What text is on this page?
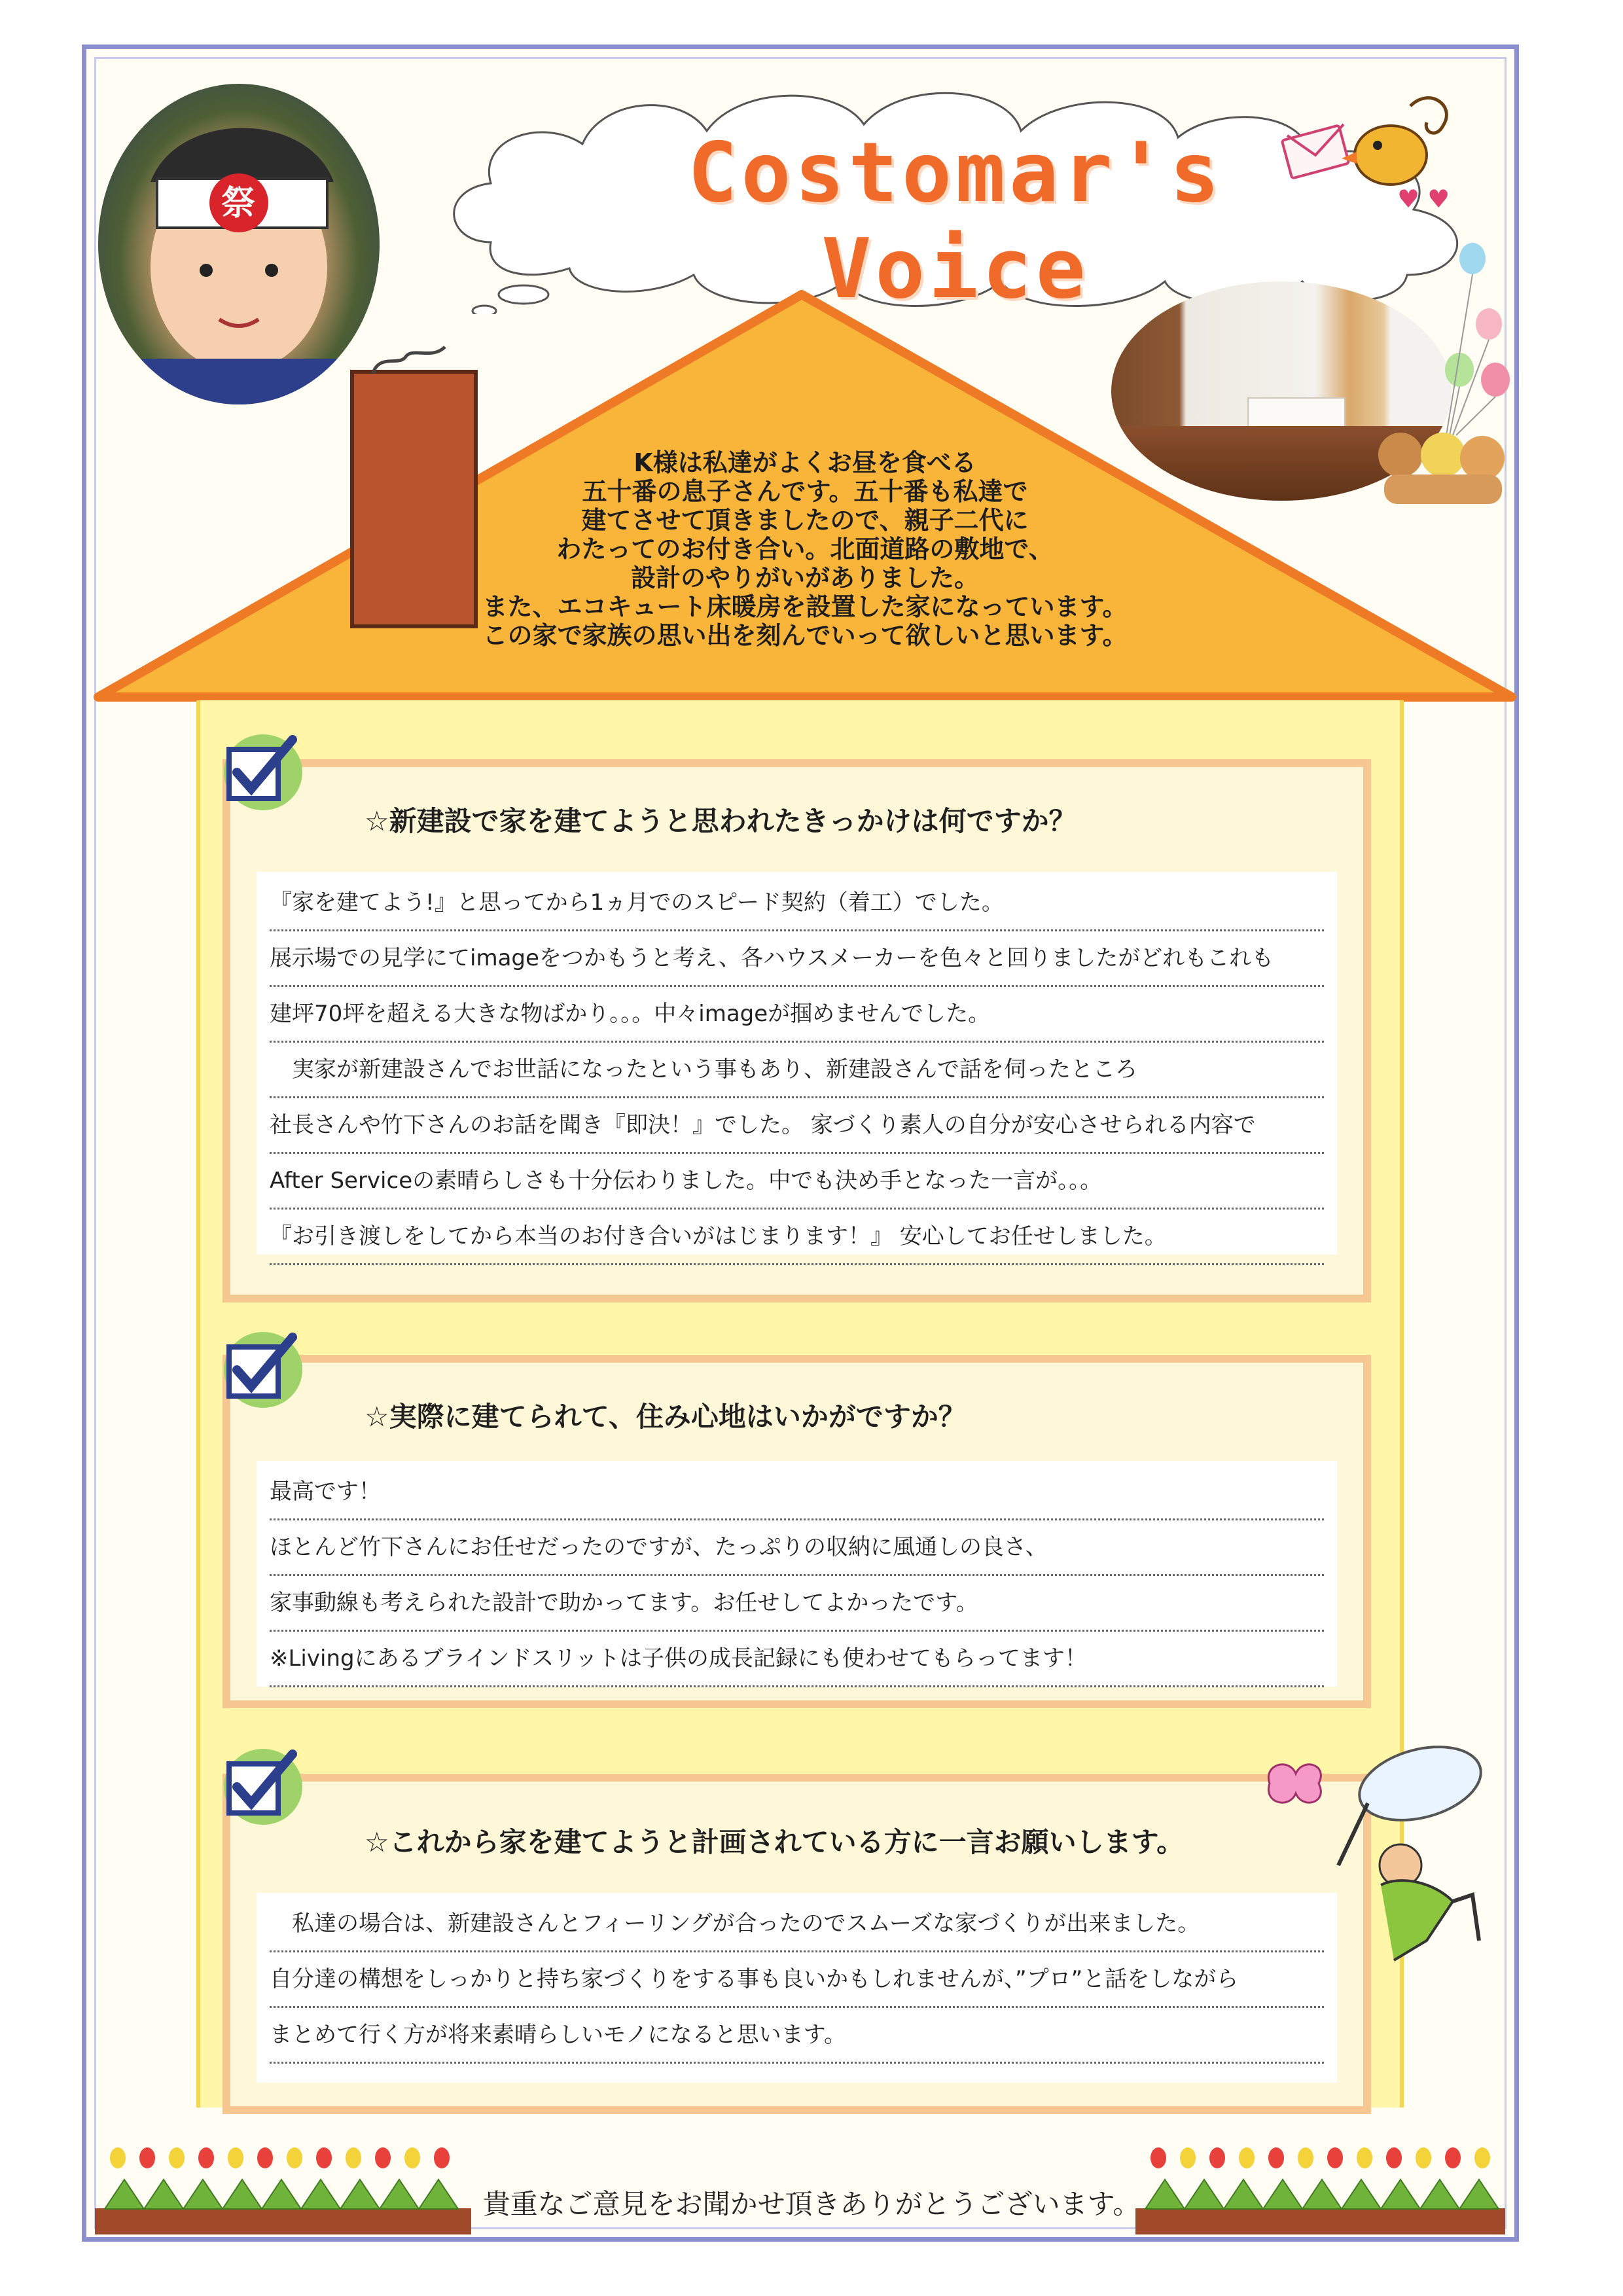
Costomar's Voice
♥ ♥
祭
K様は私達がよくお昼を食べる
五十番の息子さんです。五十番も私達で
建てさせて頂きましたので、親子二代に
わたってのお付き合い。北面道路の敷地で、
設計のやりがいがありました。
また、エコキュート床暖房を設置した家になっています。
この家で家族の思い出を刻んでいって欲しいと思います。
☆新建設で家を建てようと思われたきっかけは何ですか？
『家を建てよう!』と思ってから1ヵ月でのスピード契約（着工）でした。
展示場での見学にてimageをつかもうと考え、各ハウスメーカーを色々と回りましたがどれもこれも
建坪70坪を超える大きな物ばかり。。。中々imageが掴めませんでした。
　実家が新建設さんでお世話になったという事もあり、新建設さんで話を伺ったところ
社長さんや竹下さんのお話を聞き『即決！』でした。 家づくり素人の自分が安心させられる内容で
After Serviceの素晴らしさも十分伝わりました。中でも決め手となった一言が。。。
『お引き渡しをしてから本当のお付き合いがはじまります！』 安心してお任せしました。
☆実際に建てられて、住み心地はいかがですか？
最高です！
ほとんど竹下さんにお任せだったのですが、たっぷりの収納に風通しの良さ、
家事動線も考えられた設計で助かってます。お任せしてよかったです。
※Livingにあるブラインドスリットは子供の成長記録にも使わせてもらってます！
☆これから家を建てようと計画されている方に一言お願いします。
　私達の場合は、新建設さんとフィーリングが合ったのでスムーズな家づくりが出来ました。
自分達の構想をしっかりと持ち家づくりをする事も良いかもしれませんが、”プロ”と話をしながら
まとめて行く方が将来素晴らしいモノになると思います。
貴重なご意見をお聞かせ頂きありがとうございます。
